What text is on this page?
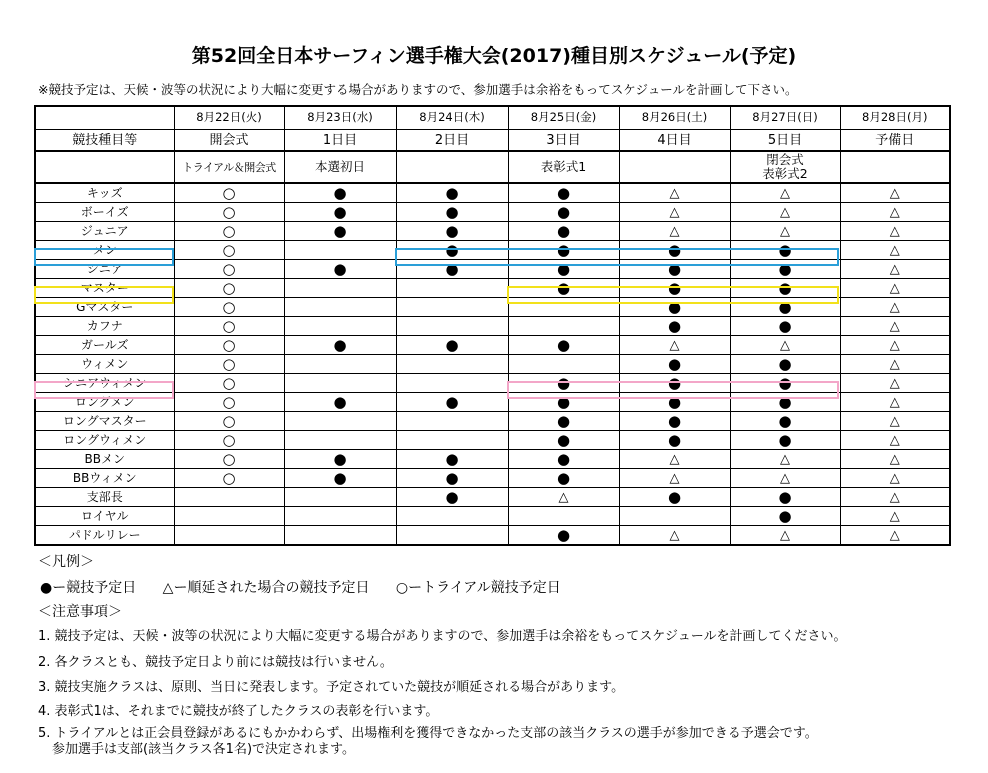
第52回全日本サーフィン選手権大会(2017)種目別スケジュール(予定)
※競技予定は、天候・波等の状況により大幅に変更する場合がありますので、参加選手は余裕をもってスケジュールを計画して下さい。
	8月22日(火)	8月23日(水)	8月24日(木)	8月25日(金)	8月26日(土)	8月27日(日)	8月28日(月)
競技種目等	開会式	1日目	2日目	3日目	4日目	5日目	予備日
	トライアル＆開会式	本選初日		表彰式1		閉会式
表彰式2	

キッズ	○	●	●	●	△	△	△
ボーイズ	○	●	●	●	△	△	△
ジュニア	○	●	●	●	△	△	△
メン	○		●	●	●	●	△
シニア	○	●	●	●	●	●	△
マスター	○			●	●	●	△
Gマスター	○				●	●	△
カフナ	○				●	●	△
ガールズ	○	●	●	●	△	△	△
ウィメン	○				●	●	△
シニアウィメン	○			●	●	●	△
ロングメン	○	●	●	●	●	●	△
ロングマスター	○			●	●	●	△
ロングウィメン	○			●	●	●	△
BBメン	○	●	●	●	△	△	△
BBウィメン	○	●	●	●	△	△	△
支部長			●	△	●	●	△
ロイヤル						●	△
パドルリレー				●	△	△	△
＜凡例＞
●ー競技予定日 △ー順延された場合の競技予定日 ○ートライアル競技予定日
＜注意事項＞
1. 競技予定は、天候・波等の状況により大幅に変更する場合がありますので、参加選手は余裕をもってスケジュールを計画してください。
2. 各クラスとも、競技予定日より前には競技は行いません。
3. 競技実施クラスは、原則、当日に発表します。予定されていた競技が順延される場合があります。
4. 表彰式1は、それまでに競技が終了したクラスの表彰を行います。
5. トライアルとは正会員登録があるにもかかわらず、出場権利を獲得できなかった支部の該当クラスの選手が参加できる予選会です。
参加選手は支部(該当クラス各1名)で決定されます。
